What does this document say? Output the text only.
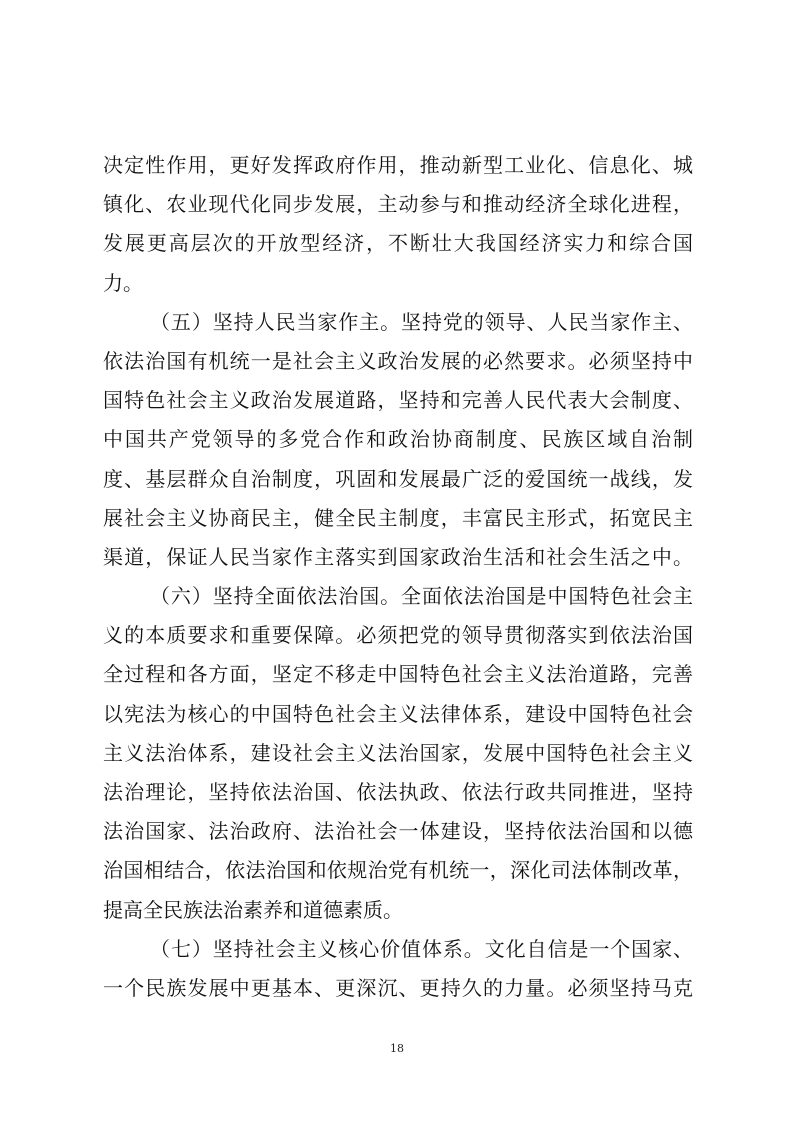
决定性作用，更好发挥政府作用，推动新型工业化、信息化、城
镇化、农业现代化同步发展，主动参与和推动经济全球化进程，
发展更高层次的开放型经济，不断壮大我国经济实力和综合国
力。
（五）坚持人民当家作主。坚持党的领导、人民当家作主、
依法治国有机统一是社会主义政治发展的必然要求。必须坚持中
国特色社会主义政治发展道路，坚持和完善人民代表大会制度、
中国共产党领导的多党合作和政治协商制度、民族区域自治制
度、基层群众自治制度，巩固和发展最广泛的爱国统一战线，发
展社会主义协商民主，健全民主制度，丰富民主形式，拓宽民主
渠道，保证人民当家作主落实到国家政治生活和社会生活之中。
（六）坚持全面依法治国。全面依法治国是中国特色社会主
义的本质要求和重要保障。必须把党的领导贯彻落实到依法治国
全过程和各方面，坚定不移走中国特色社会主义法治道路，完善
以宪法为核心的中国特色社会主义法律体系，建设中国特色社会
主义法治体系，建设社会主义法治国家，发展中国特色社会主义
法治理论，坚持依法治国、依法执政、依法行政共同推进，坚持
法治国家、法治政府、法治社会一体建设，坚持依法治国和以德
治国相结合，依法治国和依规治党有机统一，深化司法体制改革，
提高全民族法治素养和道德素质。
（七）坚持社会主义核心价值体系。文化自信是一个国家、
一个民族发展中更基本、更深沉、更持久的力量。必须坚持马克
18
